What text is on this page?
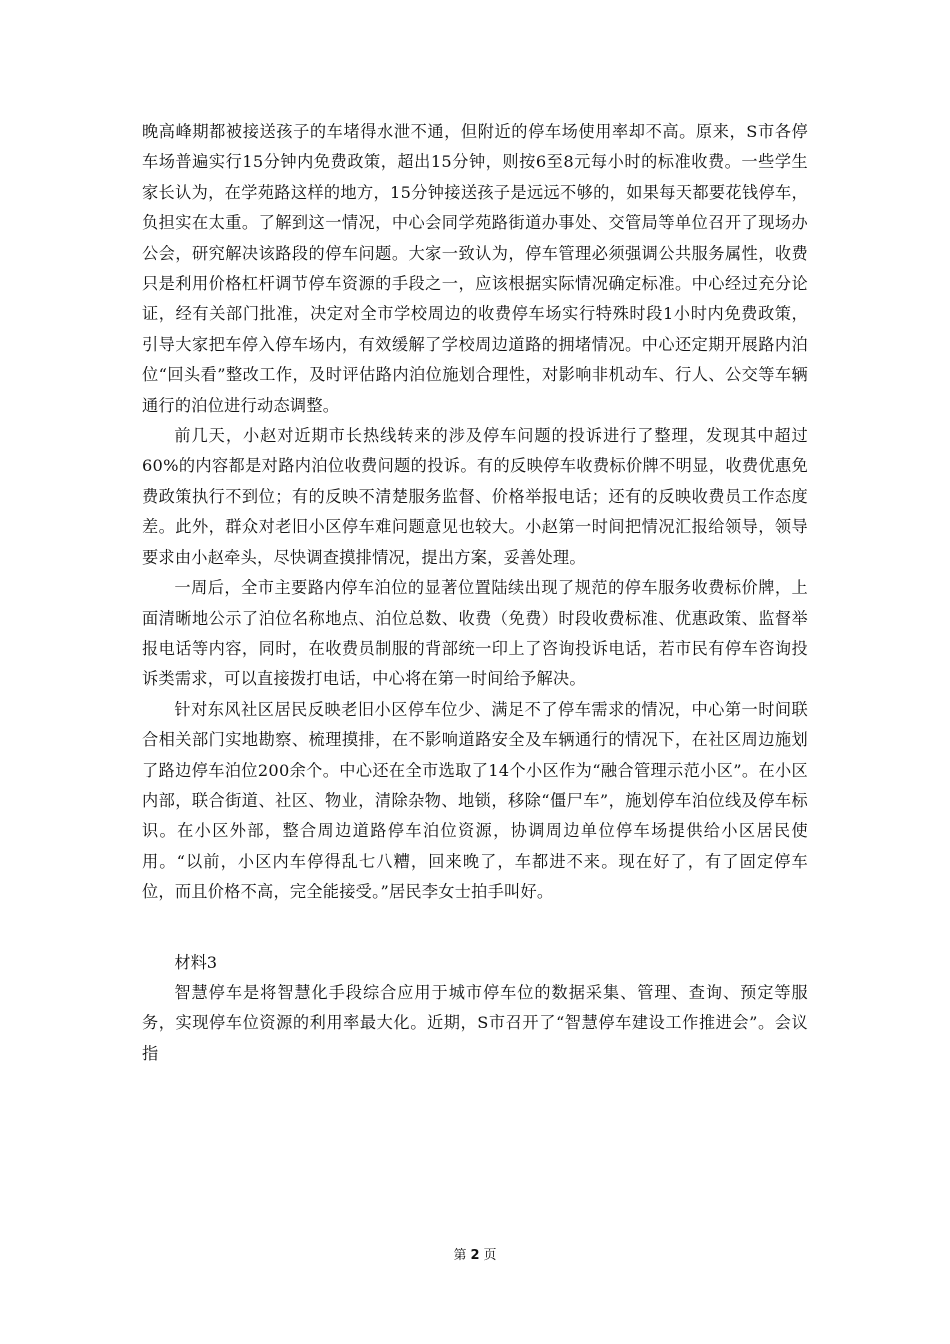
晚高峰期都被接送孩子的车堵得水泄不通，但附近的停车场使用率却不高。原来，S市各停车场普遍实行15分钟内免费政策，超出15分钟，则按6至8元每小时的标准收费。一些学生家长认为，在学苑路这样的地方，15分钟接送孩子是远远不够的，如果每天都要花钱停车，负担实在太重。了解到这一情况，中心会同学苑路街道办事处、交管局等单位召开了现场办公会，研究解决该路段的停车问题。大家一致认为，停车管理必须强调公共服务属性，收费只是利用价格杠杆调节停车资源的手段之一，应该根据实际情况确定标准。中心经过充分论证，经有关部门批准，决定对全市学校周边的收费停车场实行特殊时段1小时内免费政策，引导大家把车停入停车场内，有效缓解了学校周边道路的拥堵情况。中心还定期开展路内泊位“回头看”整改工作，及时评估路内泊位施划合理性，对影响非机动车、行人、公交等车辆通行的泊位进行动态调整。

前几天，小赵对近期市长热线转来的涉及停车问题的投诉进行了整理，发现其中超过60%的内容都是对路内泊位收费问题的投诉。有的反映停车收费标价牌不明显，收费优惠免费政策执行不到位；有的反映不清楚服务监督、价格举报电话；还有的反映收费员工作态度差。此外，群众对老旧小区停车难问题意见也较大。小赵第一时间把情况汇报给领导，领导要求由小赵牵头，尽快调查摸排情况，提出方案，妥善处理。

一周后，全市主要路内停车泊位的显著位置陆续出现了规范的停车服务收费标价牌，上面清晰地公示了泊位名称地点、泊位总数、收费（免费）时段收费标准、优惠政策、监督举报电话等内容，同时，在收费员制服的背部统一印上了咨询投诉电话，若市民有停车咨询投诉类需求，可以直接拨打电话，中心将在第一时间给予解决。

针对东风社区居民反映老旧小区停车位少、满足不了停车需求的情况，中心第一时间联合相关部门实地勘察、梳理摸排，在不影响道路安全及车辆通行的情况下，在社区周边施划了路边停车泊位200余个。中心还在全市选取了14个小区作为“融合管理示范小区”。在小区内部，联合街道、社区、物业，清除杂物、地锁，移除“僵尸车”，施划停车泊位线及停车标识。在小区外部，整合周边道路停车泊位资源，协调周边单位停车场提供给小区居民使用。“以前，小区内车停得乱七八糟，回来晚了，车都进不来。现在好了，有了固定停车位，而且价格不高，完全能接受。”居民李女士拍手叫好。

材料3

智慧停车是将智慧化手段综合应用于城市停车位的数据采集、管理、查询、预定等服务，实现停车位资源的利用率最大化。近期，S市召开了“智慧停车建设工作推进会”。会议指

第 2 页
